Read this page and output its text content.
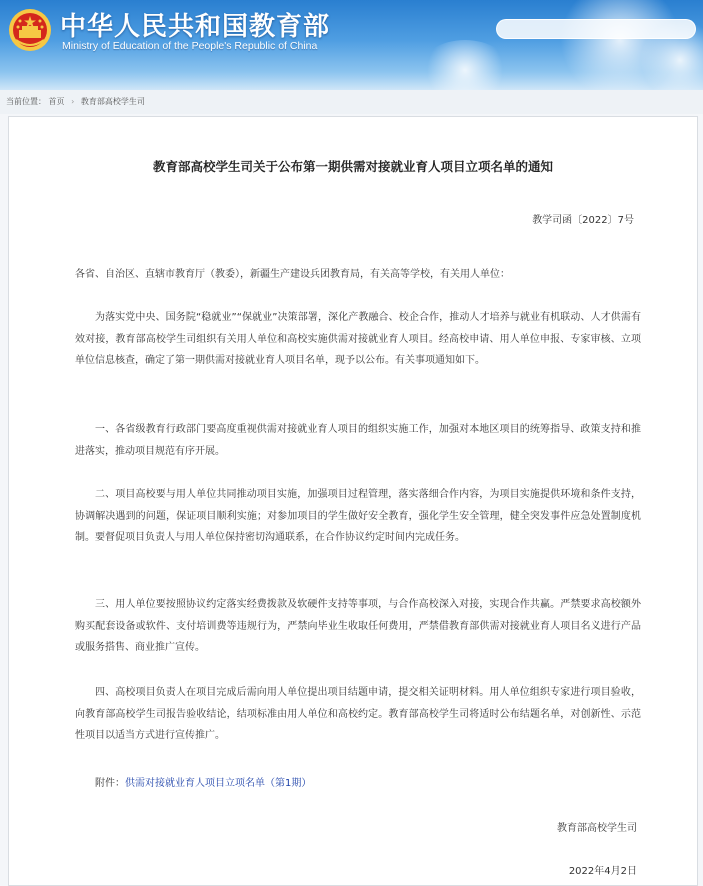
中华人民共和国教育部
Ministry of Education of the People's Republic of China
当前位置： 首页 › 教育部高校学生司
教育部高校学生司关于公布第一期供需对接就业育人项目立项名单的通知
教学司函〔2022〕7号
各省、自治区、直辖市教育厅（教委），新疆生产建设兵团教育局，有关高等学校，有关用人单位：
为落实党中央、国务院“稳就业”“保就业”决策部署，深化产教融合、校企合作，推动人才培养与就业有机联动、人才供需有效对接，教育部高校学生司组织有关用人单位和高校实施供需对接就业育人项目。经高校申请、用人单位申报、专家审核、立项单位信息核查，确定了第一期供需对接就业育人项目名单，现予以公布。有关事项通知如下。
一、各省级教育行政部门要高度重视供需对接就业育人项目的组织实施工作，加强对本地区项目的统筹指导、政策支持和推进落实，推动项目规范有序开展。
二、项目高校要与用人单位共同推动项目实施，加强项目过程管理，落实落细合作内容，为项目实施提供环境和条件支持，协调解决遇到的问题，保证项目顺利实施；对参加项目的学生做好安全教育，强化学生安全管理，健全突发事件应急处置制度机制。要督促项目负责人与用人单位保持密切沟通联系，在合作协议约定时间内完成任务。
三、用人单位要按照协议约定落实经费拨款及软硬件支持等事项，与合作高校深入对接，实现合作共赢。严禁要求高校额外购买配套设备或软件、支付培训费等违规行为，严禁向毕业生收取任何费用，严禁借教育部供需对接就业育人项目名义进行产品或服务搭售、商业推广宣传。
四、高校项目负责人在项目完成后需向用人单位提出项目结题申请，提交相关证明材料。用人单位组织专家进行项目验收，向教育部高校学生司报告验收结论，结项标准由用人单位和高校约定。教育部高校学生司将适时公布结题名单，对创新性、示范性项目以适当方式进行宣传推广。
附件：供需对接就业育人项目立项名单（第1期）
教育部高校学生司
2022年4月2日
